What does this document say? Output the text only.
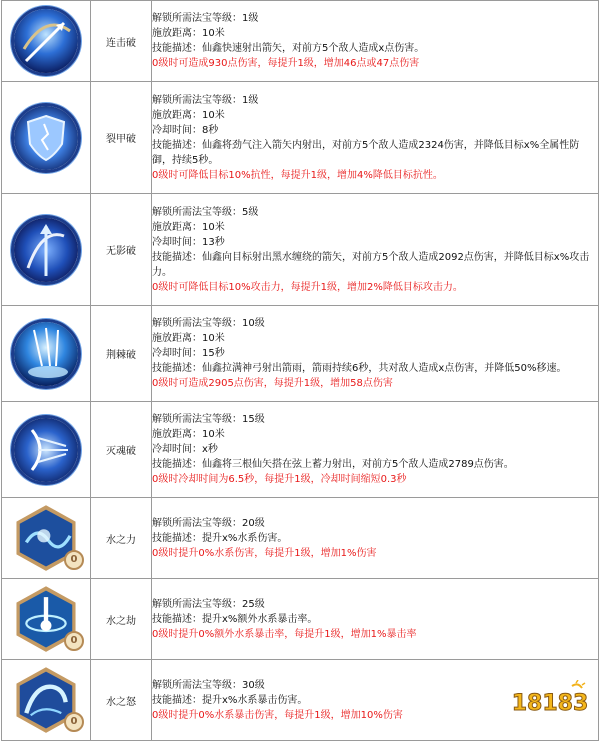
	连击破	解锁所需法宝等级：1级
施放距离：10米
技能描述：仙鑫快速射出箭矢，对前方5个敌人造成x点伤害。
0级时可造成930点伤害，每提升1级，增加46点或47点伤害

	裂甲破	解锁所需法宝等级：1级
施放距离：10米
冷却时间：8秒
技能描述：仙鑫将劲气注入箭矢内射出，对前方5个敌人造成2324伤害，并降低目标x%全属性防御，持续5秒。
0级时可降低目标10%抗性，每提升1级，增加4%降低目标抗性。

	无影破	解锁所需法宝等级：5级
施放距离：10米
冷却时间：13秒
技能描述：仙鑫向目标射出黑水缠绕的箭矢，对前方5个敌人造成2092点伤害，并降低目标x%攻击力。
0级时可降低目标10%攻击力，每提升1级，增加2%降低目标攻击力。

	荆棘破	解锁所需法宝等级：10级
施放距离：10米
冷却时间：15秒
技能描述：仙鑫拉满神弓射出箭雨，箭雨持续6秒，共对敌人造成x点伤害，并降低50%移速。
0级时可造成2905点伤害，每提升1级，增加58点伤害

	灭魂破	解锁所需法宝等级：15级
施放距离：10米
冷却时间：x秒
技能描述：仙鑫将三根仙矢搭在弦上蓄力射出，对前方5个敌人造成2789点伤害。
0级时冷却时间为6.5秒，每提升1级，冷却时间缩短0.3秒

0	水之力	解锁所需法宝等级：20级
技能描述：提升x%水系伤害。
0级时提升0%水系伤害，每提升1级，增加1%伤害

0	水之劫	解锁所需法宝等级：25级
技能描述：提升x%额外水系暴击率。
0级时提升0%额外水系暴击率，每提升1级，增加1%暴击率

0	水之怒	解锁所需法宝等级：30级
技能描述：提升x%水系暴击伤害。
0级时提升0%水系暴击伤害，每提升1级，增加10%伤害	18183
